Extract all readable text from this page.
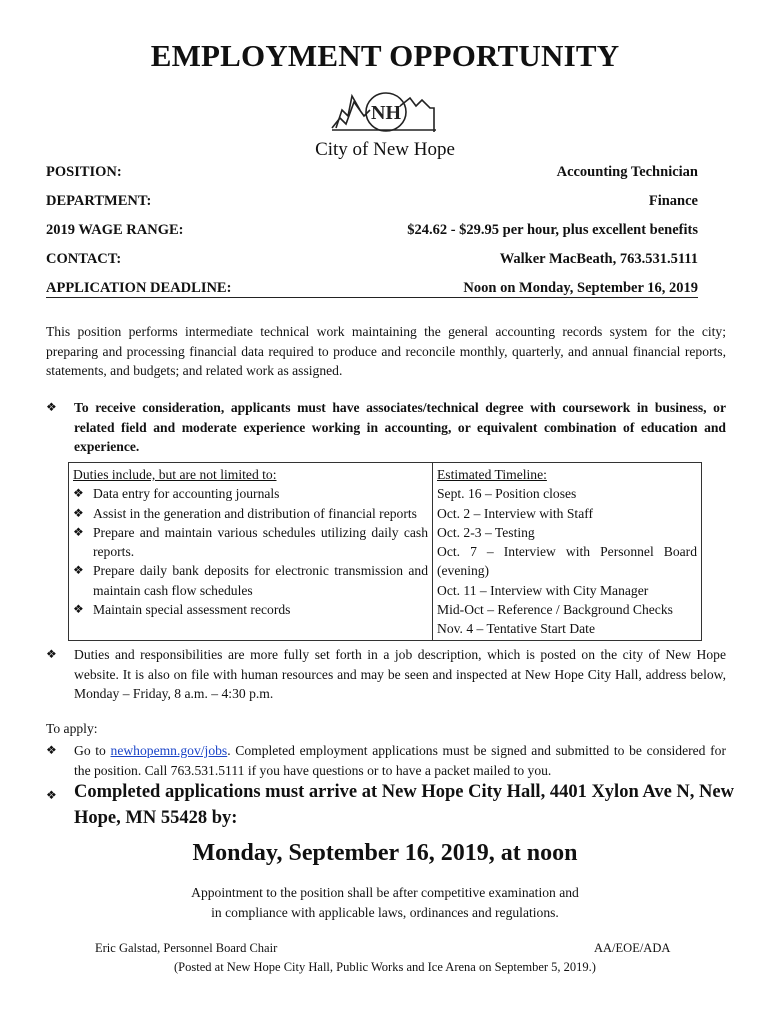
EMPLOYMENT OPPORTUNITY
NH
City of New Hope
POSITION:	Accounting Technician
DEPARTMENT:	Finance
2019 WAGE RANGE:	$24.62 - $29.95 per hour, plus excellent benefits
CONTACT:	Walker MacBeath, 763.531.5111
APPLICATION DEADLINE:	Noon on Monday, September 16, 2019
This position performs intermediate technical work maintaining the general accounting records system for the city; preparing and processing financial data required to produce and reconcile monthly, quarterly, and annual financial reports, statements, and budgets; and related work as assigned.
❖ To receive consideration, applicants must have associates/technical degree with coursework in business, or related field and moderate experience working in accounting, or equivalent combination of education and experience.
Duties include, but are not limited to:
❖ Data entry for accounting journals
❖ Assist in the generation and distribution of financial reports
❖ Prepare and maintain various schedules utilizing daily cash reports.
❖ Prepare daily bank deposits for electronic transmission and maintain cash flow schedules
❖ Maintain special assessment records

Estimated Timeline:
Sept. 16 – Position closes
Oct. 2 – Interview with Staff
Oct. 2-3 – Testing
Oct. 7 – Interview with Personnel Board (evening)
Oct. 11 – Interview with City Manager
Mid-Oct – Reference / Background Checks
Nov. 4 – Tentative Start Date
❖ Duties and responsibilities are more fully set forth in a job description, which is posted on the city of New Hope website. It is also on file with human resources and may be seen and inspected at New Hope City Hall, address below, Monday – Friday, 8 a.m. – 4:30 p.m.
To apply:
❖ Go to newhopemn.gov/jobs. Completed employment applications must be signed and submitted to be considered for the position. Call 763.531.5111 if you have questions or to have a packet mailed to you.
❖ Completed applications must arrive at New Hope City Hall, 4401 Xylon Ave N, New Hope, MN 55428 by:
Monday, September 16, 2019, at noon
Appointment to the position shall be after competitive examination and
in compliance with applicable laws, ordinances and regulations.
Eric Galstad, Personnel Board Chair	AA/EOE/ADA
(Posted at New Hope City Hall, Public Works and Ice Arena on September 5, 2019.)
